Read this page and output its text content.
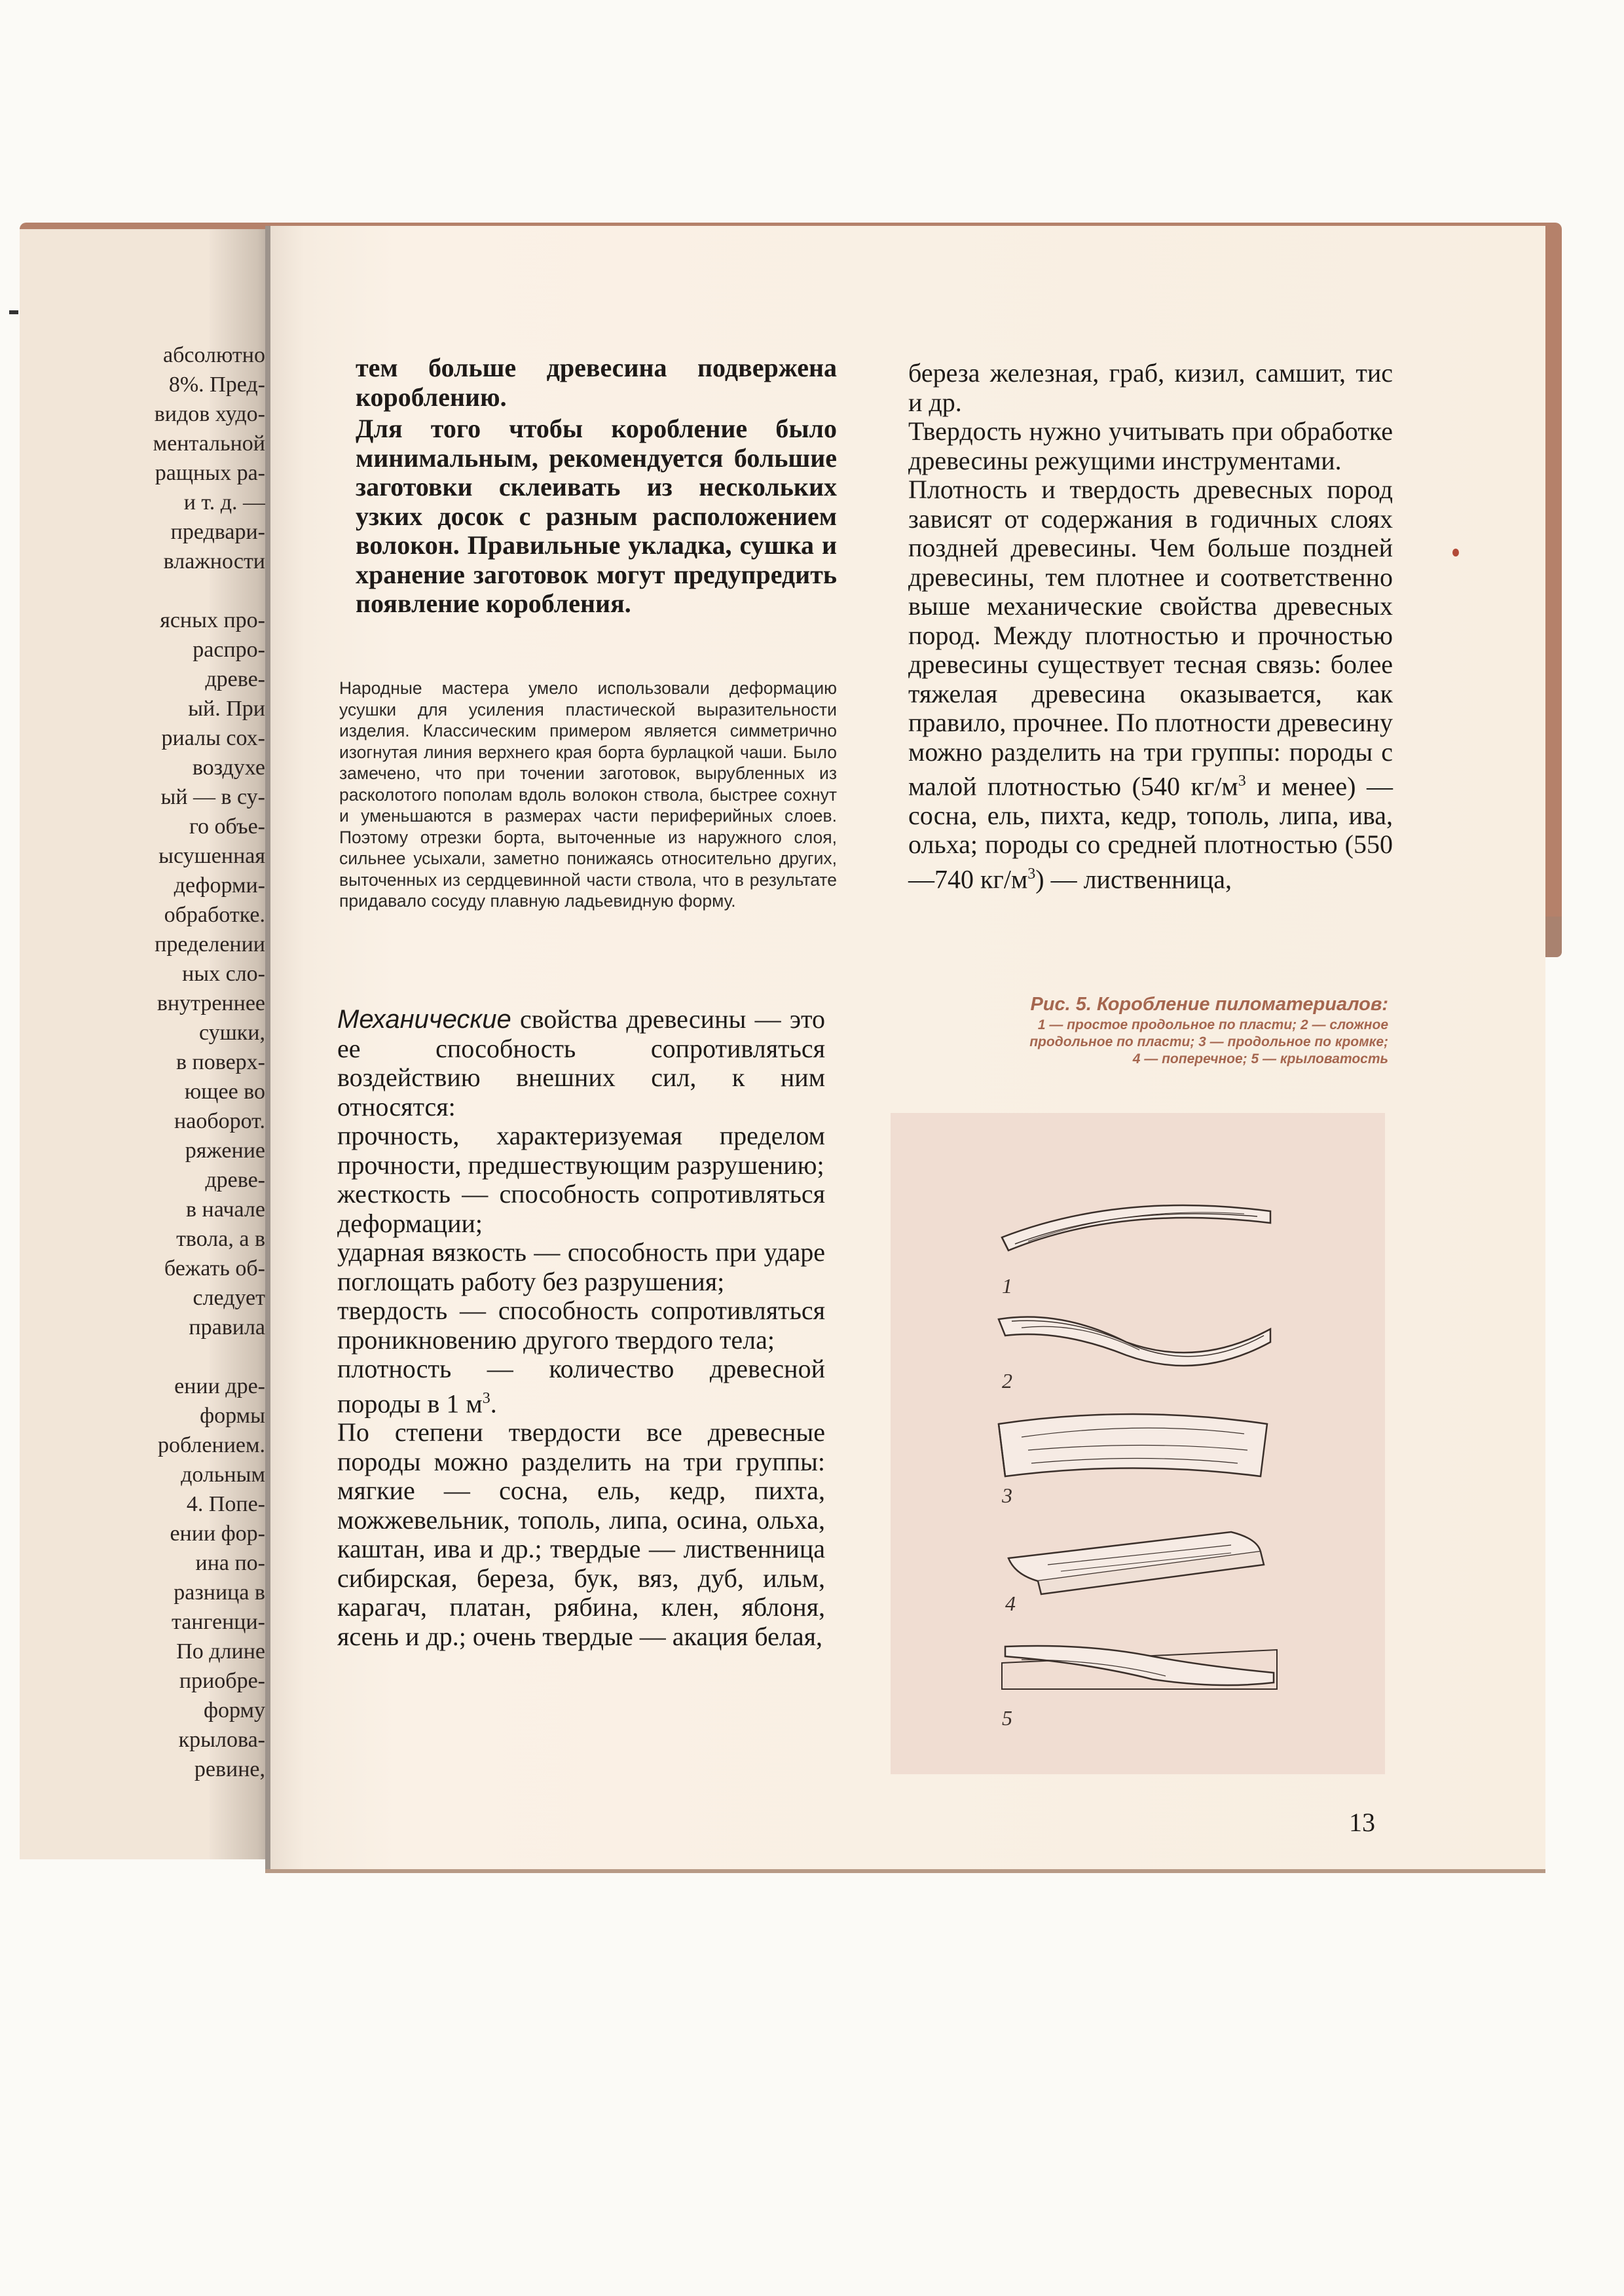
абсолютно
8%. Пред-
видов худо-
ментальной
ращных ра-
и т. д. —
предвари-
влажности
ясных про-
распро-
древе-
ый. При
риалы сох-
воздухе
ый — в су-
го объе-
ысушенная
деформи-
обработке.
пределении
ных сло-
внутреннее
сушки,
в поверх-
ющее во
наоборот.
ряжение
древе-
в начале
твола, а в
бежать об-
следует
правила
ении дре-
формы
роблением.
дольным
4. Попе-
ении фор-
ина по-
разница в
тангенци-
По длине
приобре-
форму
крылова-
ревине,

тем больше древесина подвержена короблению.

Для того чтобы коробление было минимальным, рекомендуется большие заготовки склеивать из нескольких узких досок с разным расположением волокон. Правильные укладка, сушка и хранение заготовок могут предупредить появление коробления.

Народные мастера умело использовали деформацию усушки для усиления пластической выразительности изделия. Классическим примером является симметрично изогнутая линия верхнего края борта бурлацкой чаши. Было замечено, что при точении заготовок, вырубленных из расколотого пополам вдоль волокон ствола, быстрее сохнут и уменьшаются в размерах части периферийных слоев. Поэтому отрезки борта, выточенные из наружного слоя, сильнее усыхали, заметно понижаясь относительно других, выточенных из сердцевинной части ствола, что в результате придавало сосуду плавную ладьевидную форму.

Механические свойства древесины — это ее способность сопротивляться воздействию внешних сил, к ним относятся:

прочность, характеризуемая пределом прочности, предшествующим разрушению;

жесткость — способность сопротивляться деформации;

ударная вязкость — способность при ударе поглощать работу без разрушения;

твердость — способность сопротивляться проникновению другого твердого тела;

плотность — количество древесной породы в 1 $м^3$.

По степени твердости все древесные породы можно разделить на три группы: мягкие — сосна, ель, кедр, пихта, можжевельник, тополь, липа, осина, ольха, каштан, ива и др.; твердые — лиственница сибирская, береза, бук, вяз, дуб, ильм, карагач, платан, рябина, клен, яблоня, ясень и др.; очень твердые — акация белая,

береза железная, граб, кизил, самшит, тис и др.

Твердость нужно учитывать при обработке древесины режущими инструментами.

Плотность и твердость древесных пород зависят от содержания в годичных слоях поздней древесины. Чем больше поздней древесины, тем плотнее и соответственно выше механические свойства древесных пород. Между плотностью и прочностью древесины существует тесная связь: более тяжелая древесина оказывается, как правило, прочнее. По плотности древесину можно разделить на три группы: породы с малой плотностью (540 $кг/м^3$ и менее) — сосна, ель, пихта, кедр, тополь, липа, ива, ольха; породы со средней плотностью (550—740 $кг/м^3$) — лиственница,

Рис. 5. Коробление пиломатериалов:
1 — простое продольное по пласти; 2 — сложное
продольное по пласти; 3 — продольное по кромке;
4 — поперечное; 5 — крыловатость
1
2
3
4
5
13
